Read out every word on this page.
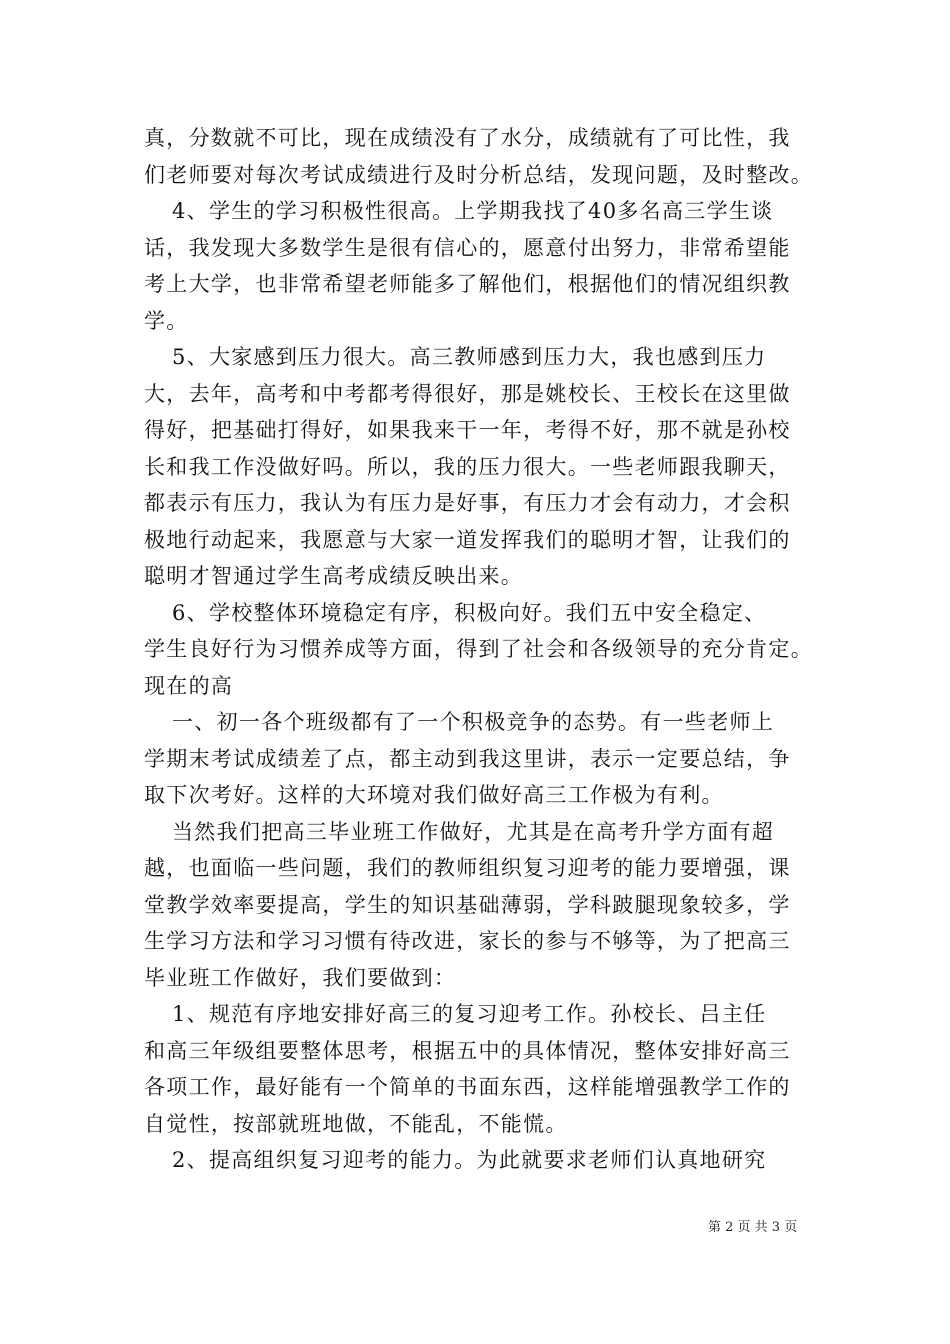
真，分数就不可比，现在成绩没有了水分，成绩就有了可比性，我
们老师要对每次考试成绩进行及时分析总结，发现问题，及时整改。
4、学生的学习积极性很高。上学期我找了40多名高三学生谈
话，我发现大多数学生是很有信心的，愿意付出努力，非常希望能
考上大学，也非常希望老师能多了解他们，根据他们的情况组织教
学。
5、大家感到压力很大。高三教师感到压力大，我也感到压力
大，去年，高考和中考都考得很好，那是姚校长、王校长在这里做
得好，把基础打得好，如果我来干一年，考得不好，那不就是孙校
长和我工作没做好吗。所以，我的压力很大。一些老师跟我聊天，
都表示有压力，我认为有压力是好事，有压力才会有动力，才会积
极地行动起来，我愿意与大家一道发挥我们的聪明才智，让我们的
聪明才智通过学生高考成绩反映出来。
6、学校整体环境稳定有序，积极向好。我们五中安全稳定、
学生良好行为习惯养成等方面，得到了社会和各级领导的充分肯定。
现在的高
一、初一各个班级都有了一个积极竞争的态势。有一些老师上
学期末考试成绩差了点，都主动到我这里讲，表示一定要总结，争
取下次考好。这样的大环境对我们做好高三工作极为有利。
当然我们把高三毕业班工作做好，尤其是在高考升学方面有超
越，也面临一些问题，我们的教师组织复习迎考的能力要增强，课
堂教学效率要提高，学生的知识基础薄弱，学科跛腿现象较多，学
生学习方法和学习习惯有待改进，家长的参与不够等，为了把高三
毕业班工作做好，我们要做到：
1、规范有序地安排好高三的复习迎考工作。孙校长、吕主任
和高三年级组要整体思考，根据五中的具体情况，整体安排好高三
各项工作，最好能有一个简单的书面东西，这样能增强教学工作的
自觉性，按部就班地做，不能乱，不能慌。
2、提高组织复习迎考的能力。为此就要求老师们认真地研究
第 2 页 共 3 页
